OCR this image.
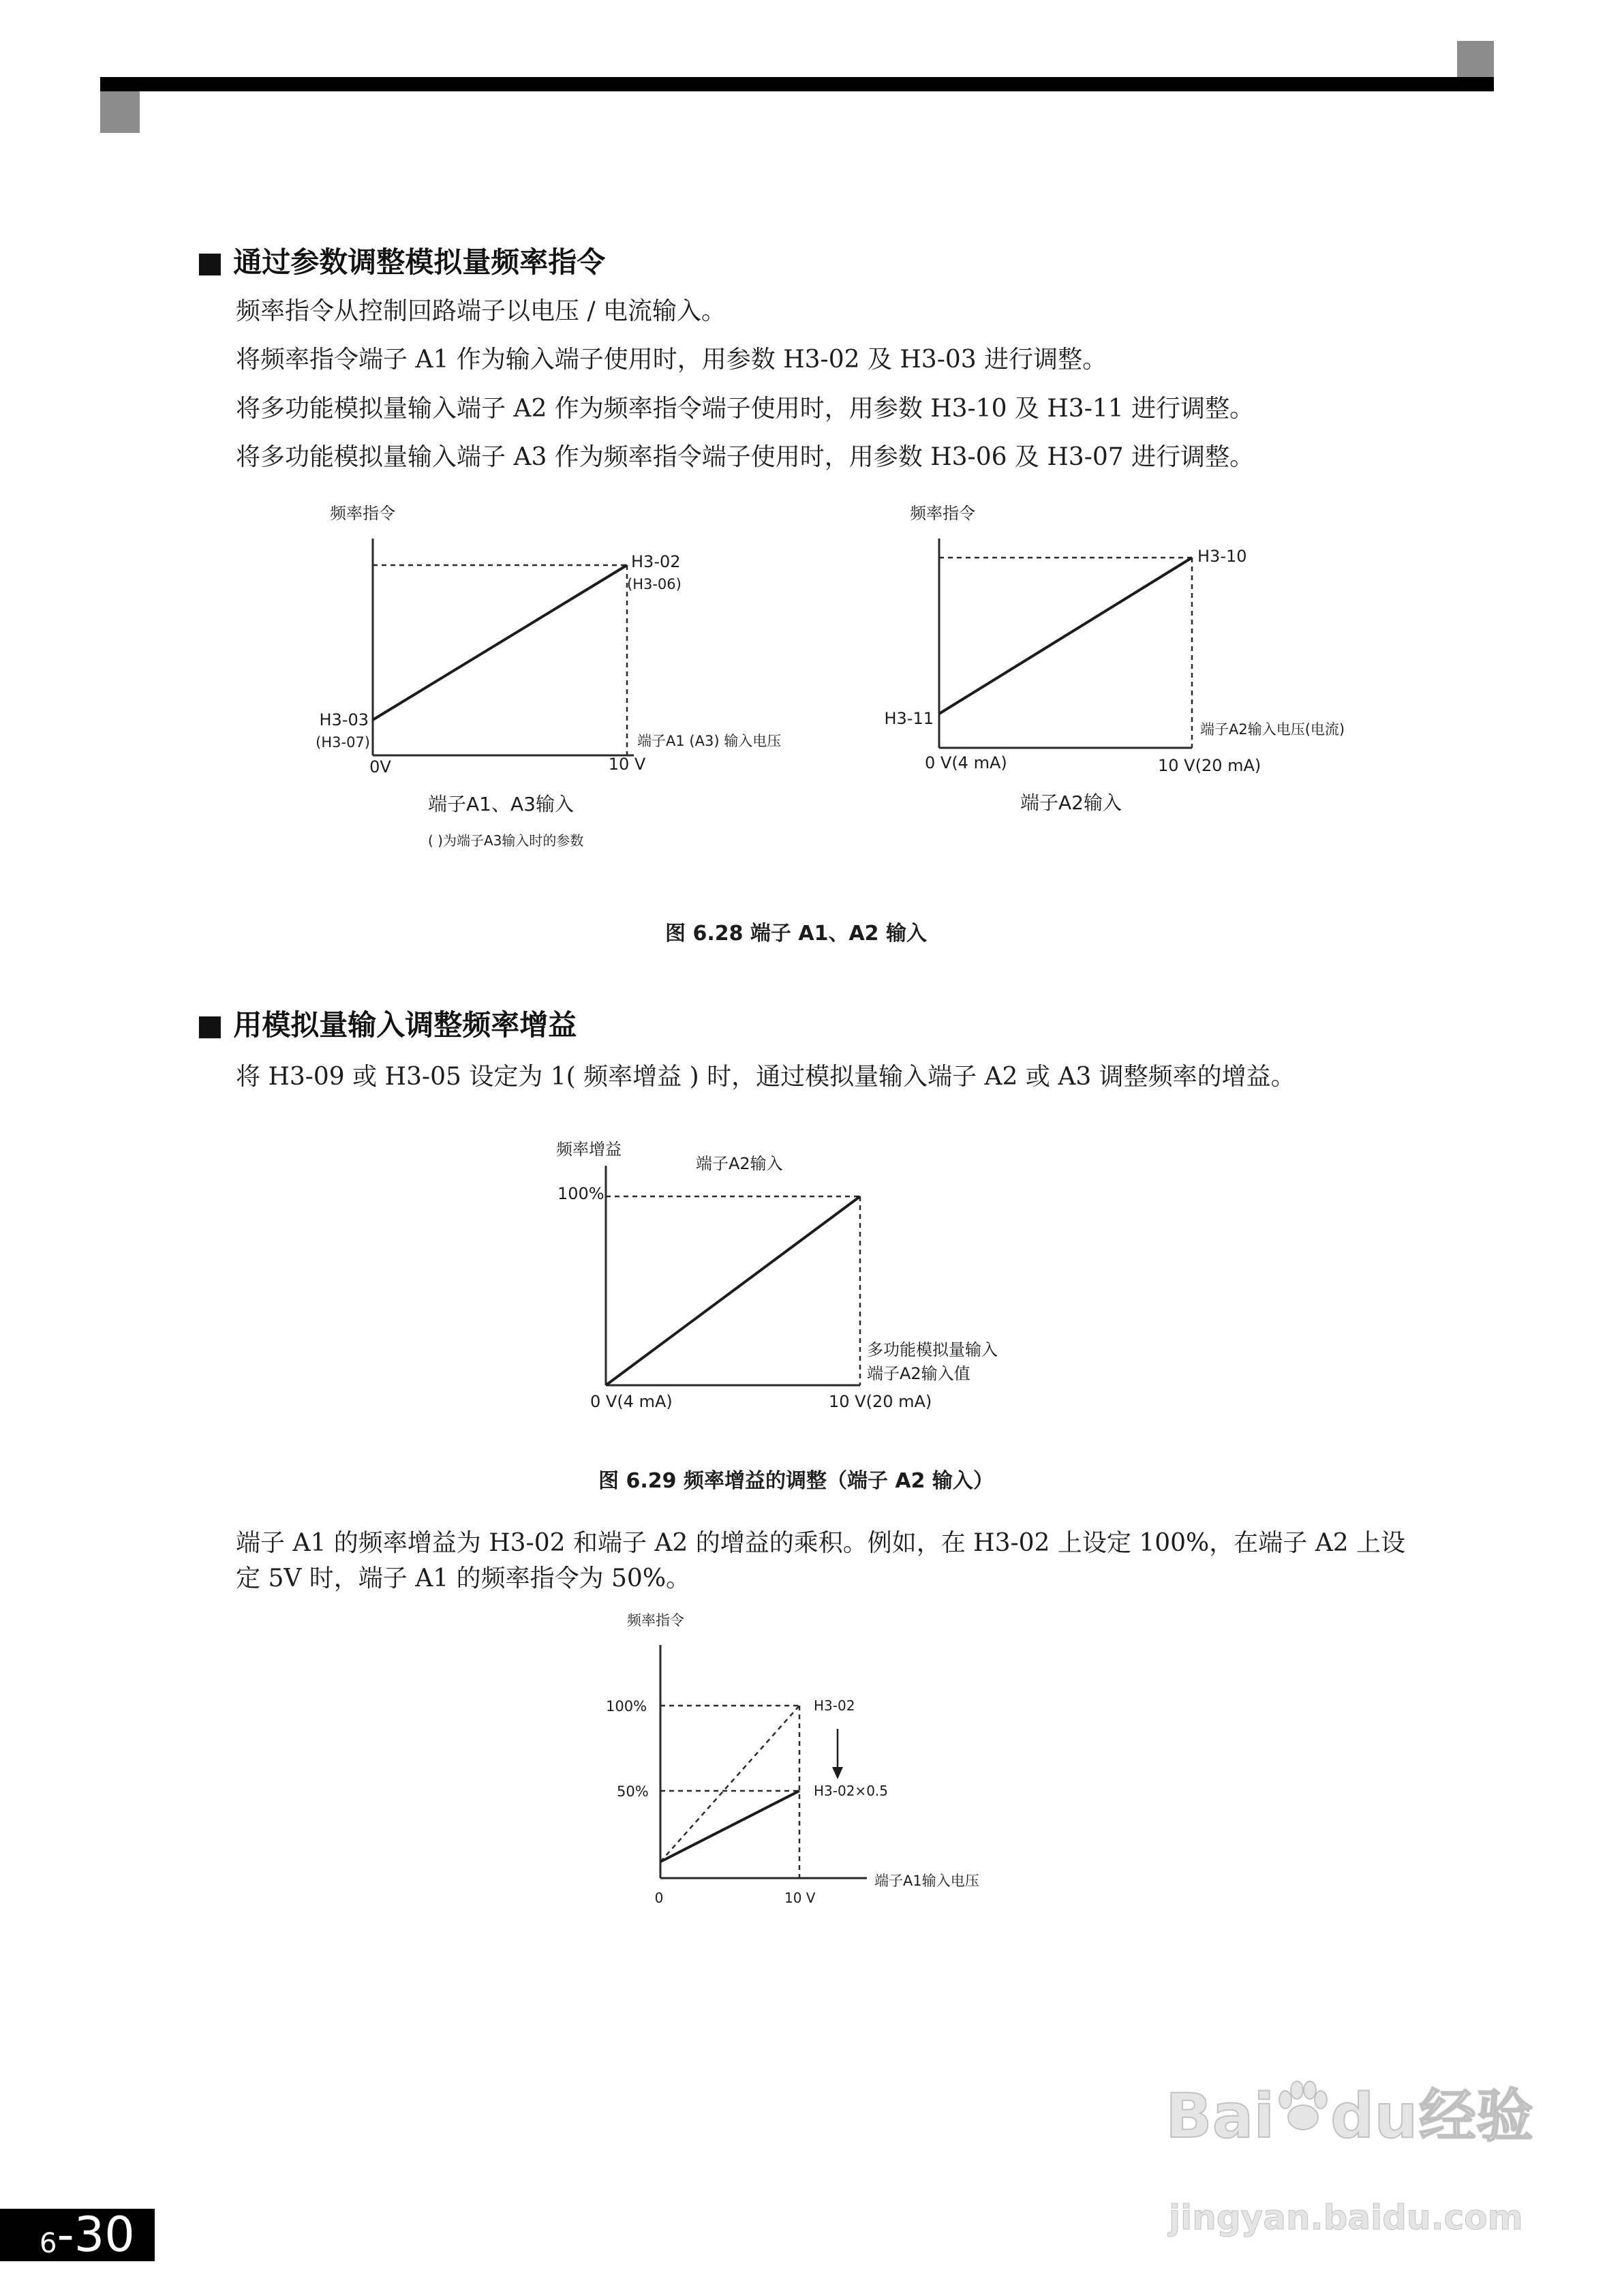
■ 通过参数调整模拟量频率指令
频率指令从控制回路端子以电压 / 电流输入。
将频率指令端子 A1 作为输入端子使用时，用参数 H3-02 及 H3-03 进行调整。
将多功能模拟量输入端子 A2 作为频率指令端子使用时，用参数 H3-10 及 H3-11 进行调整。
将多功能模拟量输入端子 A3 作为频率指令端子使用时，用参数 H3-06 及 H3-07 进行调整。
图 6.28 端子 A1、A2 输入
■ 用模拟量输入调整频率增益
将 H3-09 或 H3-05 设定为 1( 频率增益 ) 时，通过模拟量输入端子 A2 或 A3 调整频率的增益。
图 6.29 频率增益的调整（端子 A2 输入）
端子 A1 的频率增益为 H3-02 和端子 A2 的增益的乘积。例如，在 H3-02 上设定 100%，在端子 A2 上设
定 5V 时，端子 A1 的频率指令为 50%。
频率指令
H3-02
(H3-06)
H3-03
(H3-07)	端子A1 (A3) 输入电压
0V	10 V
端子A1、A3输入
( )为端子A3输入时的参数
频率指令
H3-10
H3-11
端子A2输入电压(电流)
0 V(4 mA)	10 V(20 mA)
端子A2输入
频率增益
端子A2输入
100%
多功能模拟量输入
端子A2输入值
0 V(4 mA)	10 V(20 mA)
频率指令
100%
50%
H3-02
H3-02×0.5
端子A1输入电压
0	10 V
6 -30
Bai du 经验
jingyan.baidu.com
